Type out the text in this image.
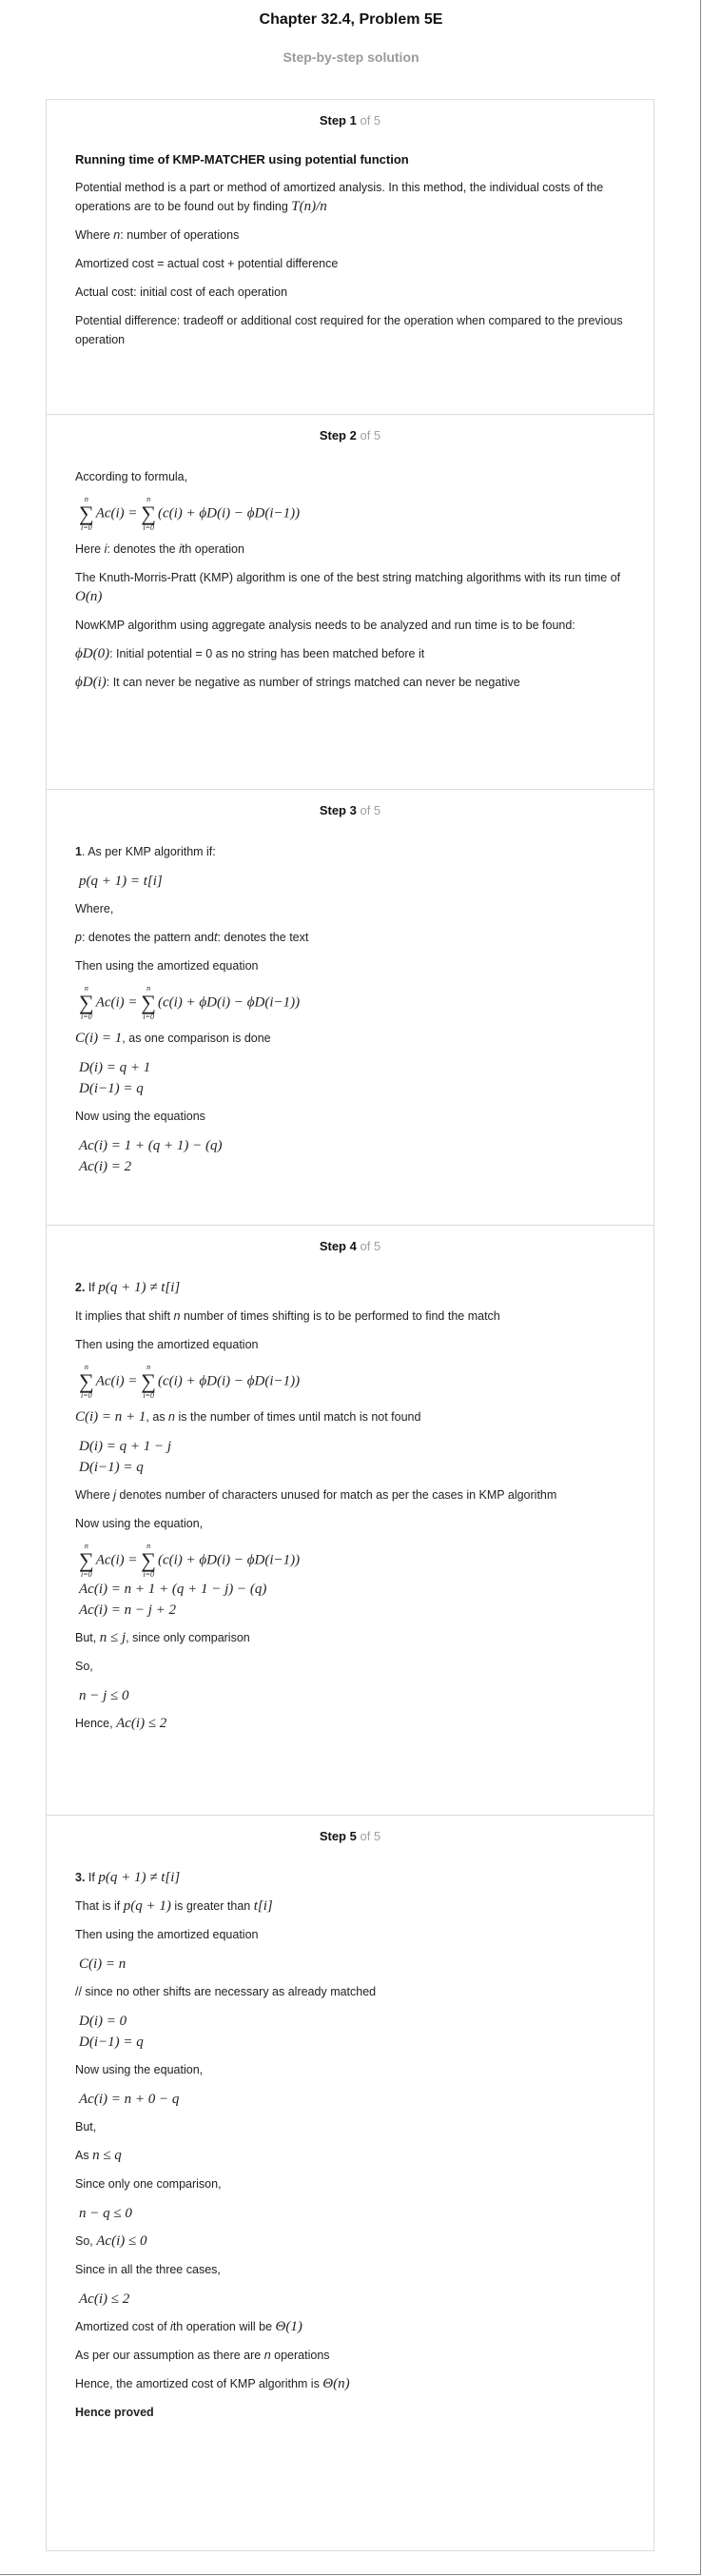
Chapter 32.4, Problem 5E
Step-by-step solution
Step 1 of 5
Running time of KMP-MATCHER using potential function

Potential method is a part or method of amortized analysis. In this method, the individual costs of the operations are to be found out by finding T(n)/n

Where n: number of operations

Amortized cost = actual cost + potential difference

Actual cost: initial cost of each operation

Potential difference: tradeoff or additional cost required for the operation when compared to the previous operation

Step 2 of 5

According to formula,

n
∑
i=0
Ac(i) =
n
∑
i=0
(c(i) + ϕD(i) − ϕD(i−1))

Here i: denotes the ith operation

The Knuth-Morris-Pratt (KMP) algorithm is one of the best string matching algorithms with its run time of O(n)

NowKMP algorithm using aggregate analysis needs to be analyzed and run time is to be found:

ϕD(0): Initial potential = 0 as no string has been matched before it

ϕD(i): It can never be negative as number of strings matched can never be negative

Step 3 of 5

1. As per KMP algorithm if:

p(q + 1) = t[i]

Where,

p: denotes the pattern andt: denotes the text

Then using the amortized equation

n
∑
i=0
Ac(i) =
n
∑
i=0
(c(i) + ϕD(i) − ϕD(i−1))

C(i) = 1, as one comparison is done

D(i) = q + 1
D(i−1) = q

Now using the equations

Ac(i) = 1 + (q + 1) − (q)
Ac(i) = 2
Step 4 of 5

2. If p(q + 1) ≠ t[i]

It implies that shift n number of times shifting is to be performed to find the match

Then using the amortized equation

n
∑
i=0
Ac(i) =
n
∑
i=0
(c(i) + ϕD(i) − ϕD(i−1))

C(i) = n + 1, as n is the number of times until match is not found

D(i) = q + 1 − j
D(i−1) = q

Where j denotes number of characters unused for match as per the cases in KMP algorithm

Now using the equation,

n
∑
i=0
Ac(i) =
n
∑
i=0
(c(i) + ϕD(i) − ϕD(i−1))
Ac(i) = n + 1 + (q + 1 − j) − (q)
Ac(i) = n − j + 2

But, n ≤ j, since only comparison

So,

n − j ≤ 0

Hence, Ac(i) ≤ 2

Step 5 of 5

3. If p(q + 1) ≠ t[i]

That is if p(q + 1) is greater than t[i]

Then using the amortized equation

C(i) = n

// since no other shifts are necessary as already matched

D(i) = 0
D(i−1) = q

Now using the equation,

Ac(i) = n + 0 − q

But,

As n ≤ q

Since only one comparison,

n − q ≤ 0

So, Ac(i) ≤ 0

Since in all the three cases,

Ac(i) ≤ 2

Amortized cost of ith operation will be Θ(1)

As per our assumption as there are n operations

Hence, the amortized cost of KMP algorithm is Θ(n)

Hence proved
